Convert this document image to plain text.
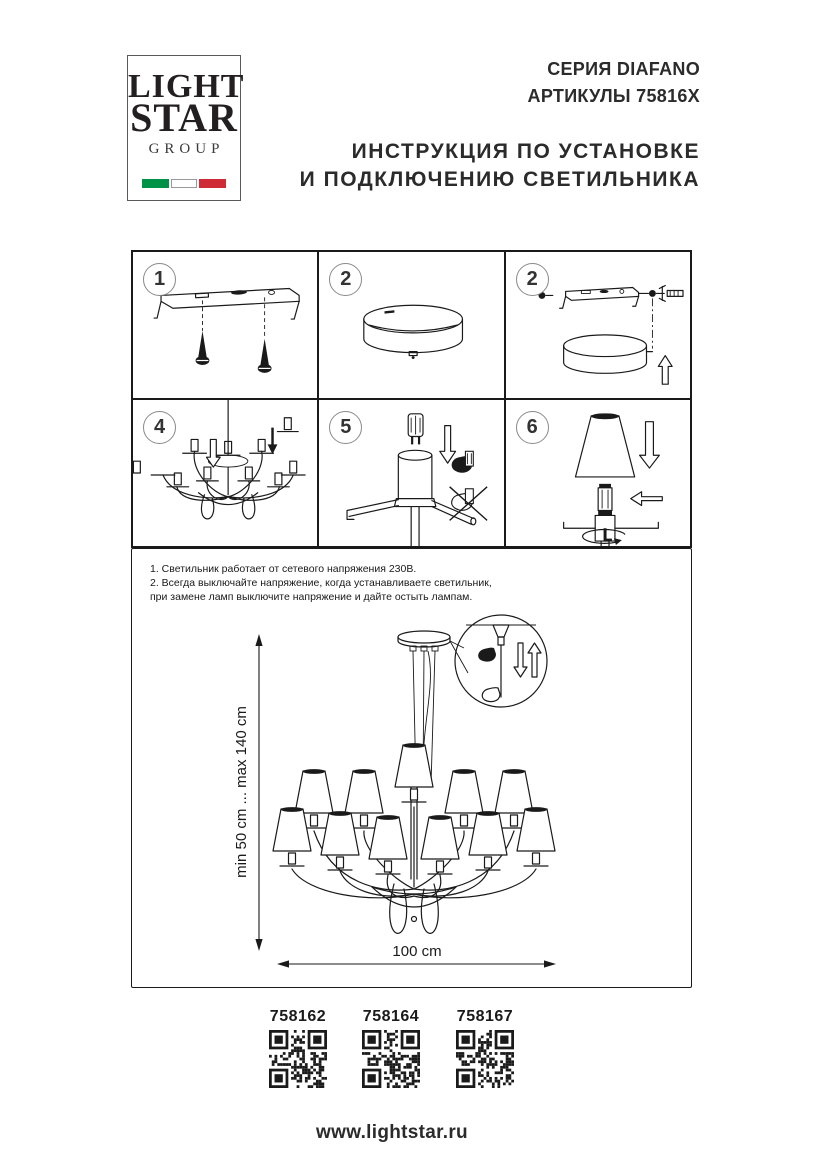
LIGHT
STAR
GROUP
СЕРИЯ DIAFANO
АРТИКУЛЫ 75816X
ИНСТРУКЦИЯ ПО УСТАНОВКЕ
И ПОДКЛЮЧЕНИЮ СВЕТИЛЬНИКА
1	2	2
4	5	6
1. Светильник работает от сетевого напряжения 230В.
2. Всегда выключайте напряжение, когда устанавливаете светильник,
при замене ламп выключите напряжение и дайте остыть лампам.
min 50 cm ... max 140 cm
100 cm
758162	758164	758167
www.lightstar.ru
